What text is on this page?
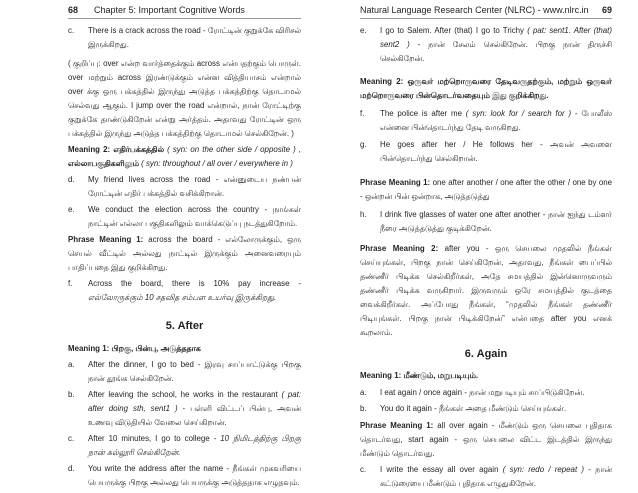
68 Chapter 5: Important Cognitive Words
c.	There is a crack across the road - ரோட்டின் குறுக்கே விரிசல் இருக்கிறது.
( குறிப்பு: over என்ற வார்த்தைக்கும் across என்பதற்கும் பொருள். over மற்றும் across இரண்டுக்கும் என்ன வித்தியாசம் என்றால் over க்கு ஒரு பக்கத்தில் இருந்து அடுத்த பக்கத்திற்கு தொடாமல் செல்வது ஆகும். I jump over the road என்றால், நான் ரோட்டிற்கு குறுக்கே தாண்டுகிறேன் என்று அர்த்தம். அதாவது ரோட்டின் ஒரு பக்கத்தில் இருந்து அடுத்த பக்கத்திற்கு தொடாமல் செல்கிறேன். )
Meaning 2: எதிர்பக்கத்தில் ( syn: on the other side / opposite ) , எல்லாபகுதிகளிலும் ( syn: throughout / all over / everywhere in )
d.	My friend lives across the road - என்னுடைய நண்பன் ரோட்டின் எதிர் பக்கத்தில் வசிக்கிறான்.
e.	We conduct the election across the country - நாங்கள் நாட்டின் எல்லா பகுதிகளிலும் வாக்கெடுப்பு நடத்துகிறோம்.
Phrase Meaning 1: across the board - எல்லோருக்கும், ஒரு செயல் வீட்டில் அல்லது நாட்டில் இருக்கும் அனைவரையும் பாதிப்பதை இது குறிக்கிறது.
f.	Across the board, there is 10% pay increase - எல்லோருக்கும் 10 சதவித சம்பள உயர்வு இருக்கிறது.
5. After
Meaning 1: பிறகு, பின்பு, அடுத்ததாக
a.	After the dinner, I go to bed - இரவு சாப்பாட்டுக்கு பிறகு நான் தூங்க செல்கிறேன்.
b.	After leaving the school, he works in the restaurant ( pat: after doing sth, sent1 ) - பள்ளி விட்டப் பின்பு, அவன் உணவு விடுதியில் வேலை செய்கிறான்.
c.	After 10 minutes, I go to college - 10 நிமிடத்திற்கு பிறகு நான் கல்லூரி செல்கிறேன்.
d.	You write the address after the name - நீங்கள் முகவரியை பெயருக்கு பிறகு அல்லது பெயருக்கு அடுத்ததாக எழுதவும்.
Natural Language Research Center (NLRC) - www.nlrc.in 69
e.	I go to Salem. After (that) I go to Trichy ( pat: sent1. After (that) sent2 ) - நான் சேலம் செல்கிறேன். பிறகு நான் திருச்சி செல்கிறேன்.
Meaning 2: ஒருவர் மற்றொருவரை தேடிவருதற்கும், மற்றும் ஒருவர் மற்றொருவரை பின்தொடர்வதையும் இது குறிக்கிறது.
f.	The police is after me ( syn: look for / search for ) - போலீஸ் என்னை பின்தொடர்ந்து தேடி வருகிறது.
g.	He goes after her / He follows her - அவன் அவளை பின்தொடர்ந்து செல்கிறான்.
Phrase Meaning 1: one after another / one after the other / one by one - ஒன்றன் பின் ஒன்றாக, அடுத்தடுத்து
h.	I drink five glasses of water one after another - நான் ஐந்து டம்ளர் நீரை அடுத்தடுத்து குடிக்கிறேன்.
Phrase Meaning 2: after you - ஒரு செயலை முதலில் நீங்கள் செய்யுங்கள், பிறகு நான் செய்கிறேன், அதாவது, நீங்கள் பைப்பில் தண்ணீர் பிடிக்க செல்கிறீர்கள், அதே சமயத்தில் இன்னொருவரும் தண்ணீர் பிடிக்க வருகிறார். இருவரும் ஒரே சமயத்தில் குடத்தை வைக்கிறீர்கள். அப்போது நீங்கள், “முதலில் நீங்கள் தண்ணீர் பிடியுங்கள். பிறகு நான் பிடிக்கிறேன்” என்பதை after you எனக் கூறலாம்.
6. Again
Meaning 1: மீண்டும், மறுபடியும்.
a.	I eat again / once again - நான் மறுபடியும் சாப்பிடுகிறேன்.
b.	You do it again - நீங்கள் அதை மீண்டும் செய்யுங்கள்.
Phrase Meaning 1: all over again - மீண்டும் ஒரு செயலை புதிதாக தொடர்வது, start again - ஒரு செயலை விட்ட இடத்தில் இருந்து மீண்டும் தொடர்வது.
c.	I write the essay all over again ( syn: redo / repeat ) - நான் கட்டுரையை மீண்டும் புதிதாக எழுதுகிறேன்.
